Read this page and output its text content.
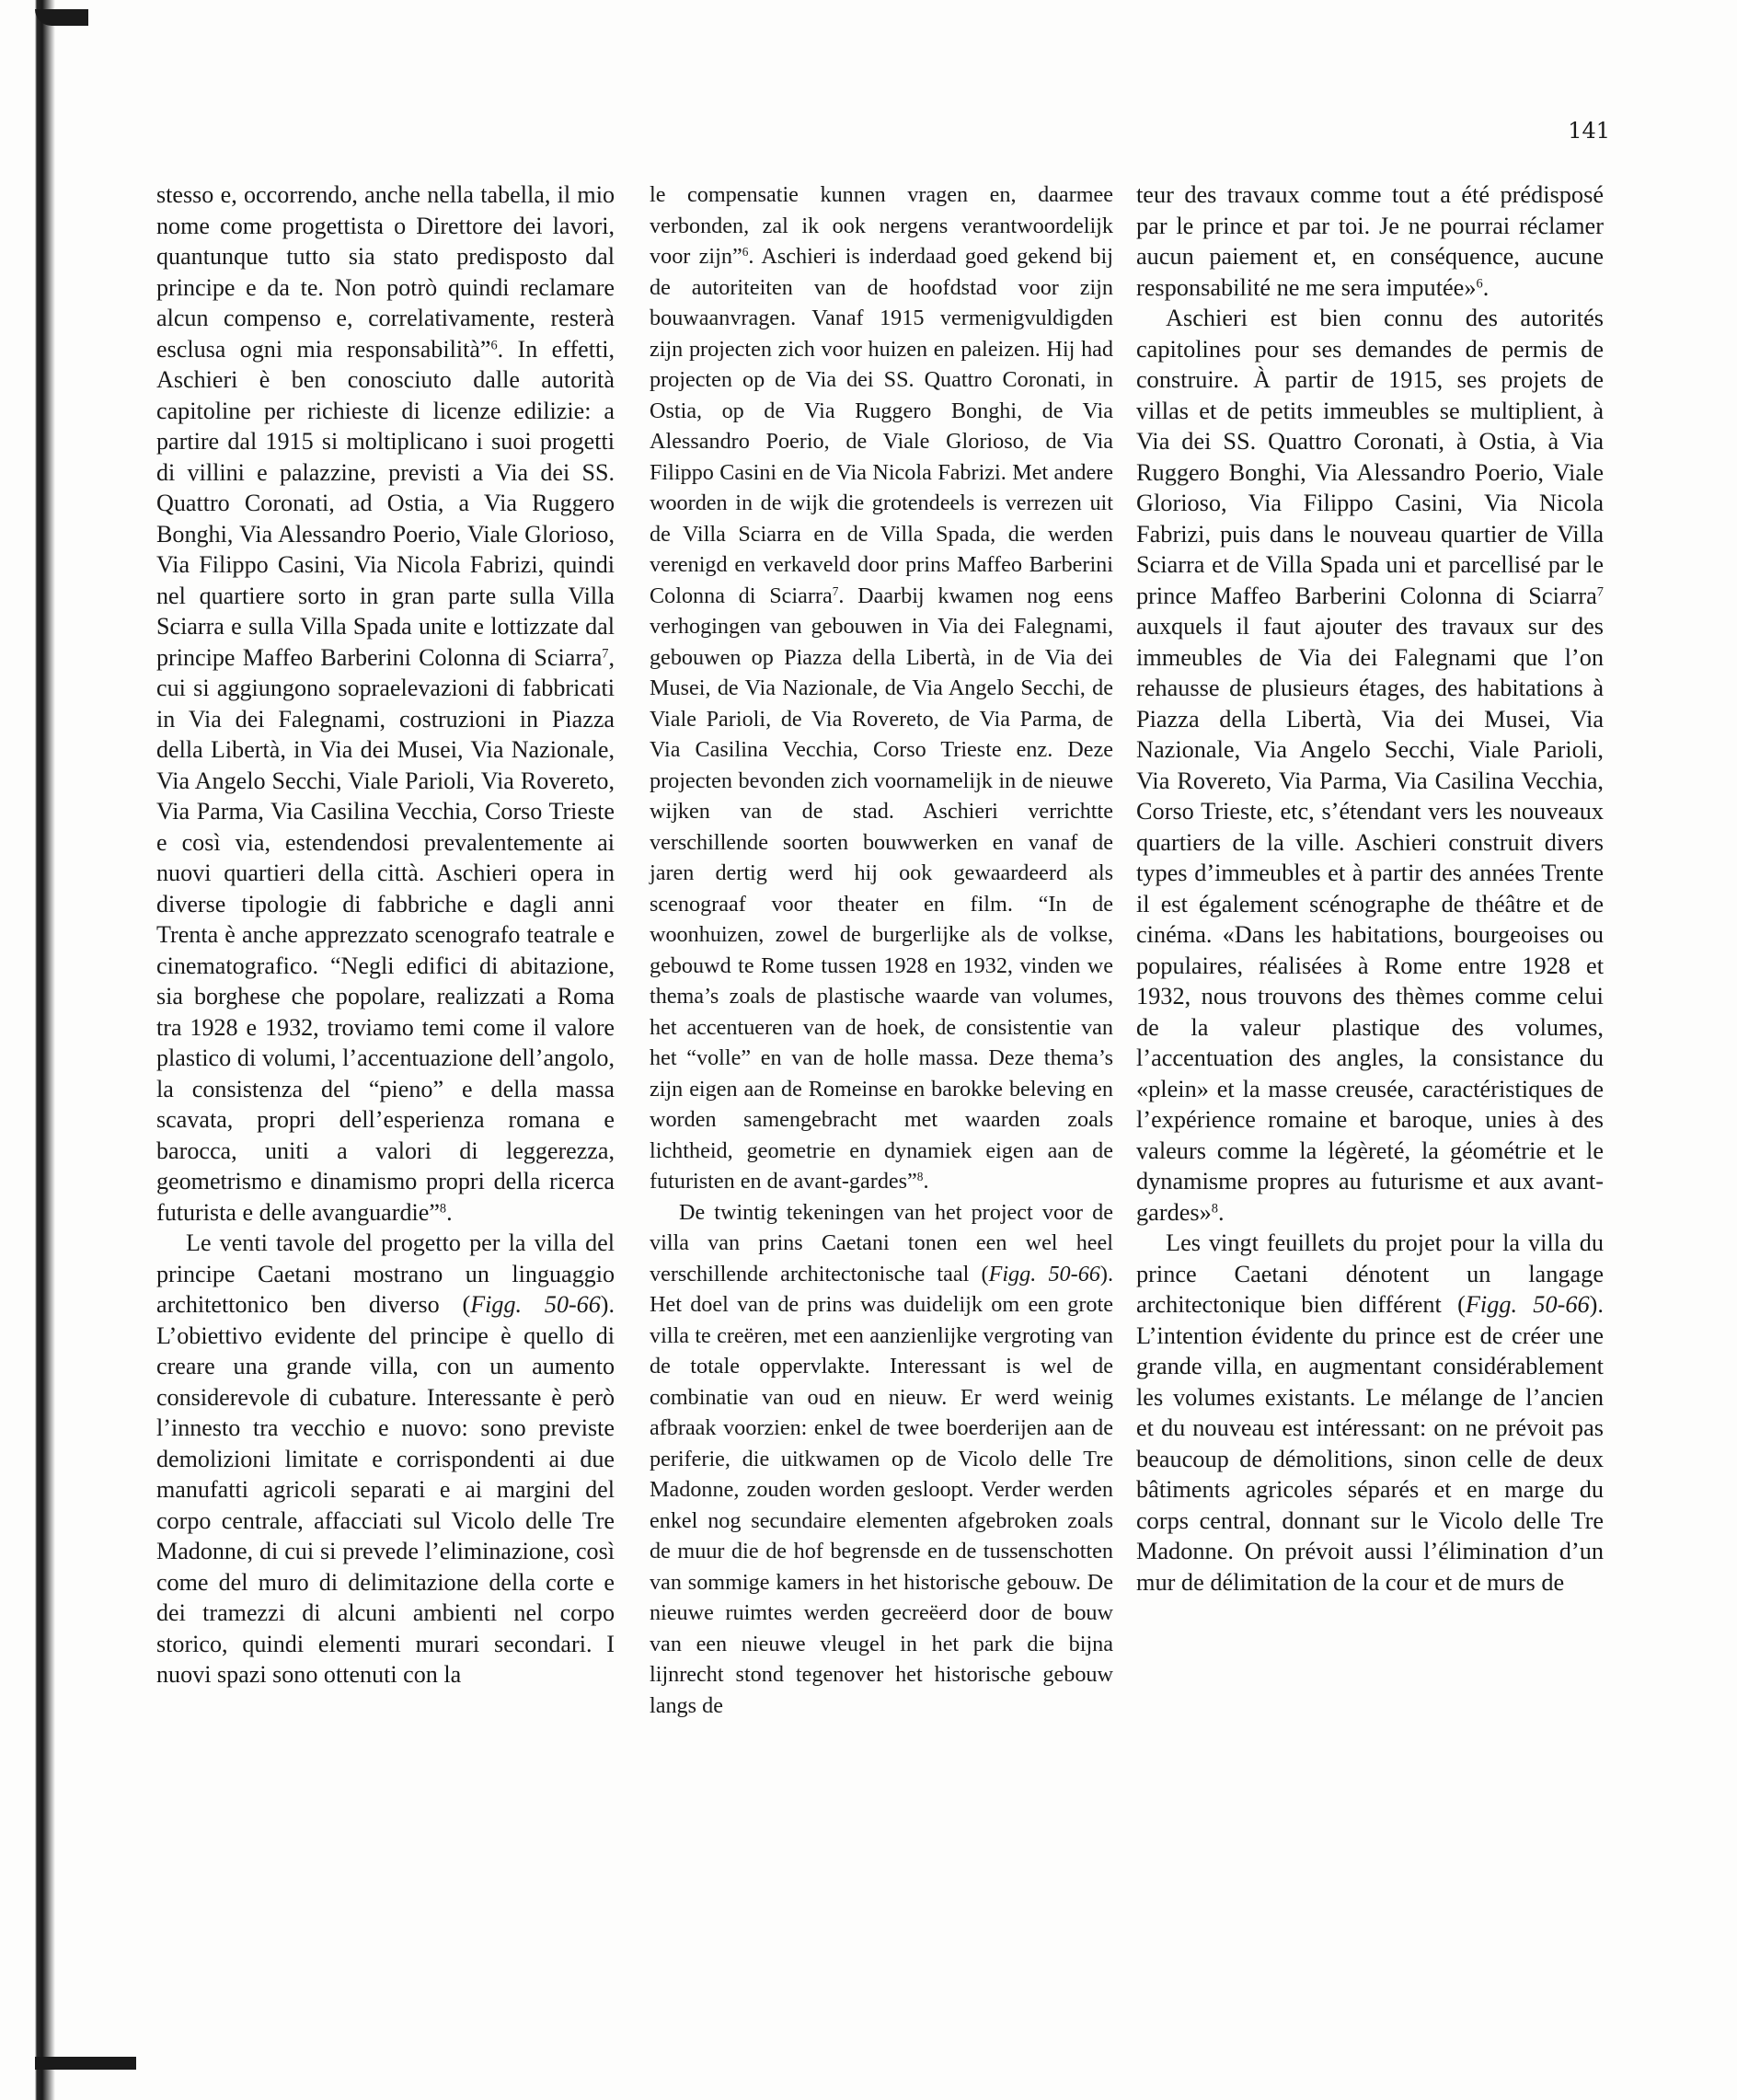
141

stesso e, occorrendo, anche nella tabella, il mio nome come progettista o Direttore dei lavori, quantunque tutto sia stato predisposto dal principe e da te. Non potrò quindi reclamare alcun compenso e, correlativamente, resterà esclusa ogni mia responsabilità”$^6$. In effetti, Aschieri è ben conosciuto dalle autorità capitoline per richieste di licenze edilizie: a partire dal 1915 si moltiplicano i suoi progetti di villini e palazzine, previsti a Via dei SS. Quattro Coronati, ad Ostia, a Via Ruggero Bonghi, Via Alessandro Poerio, Viale Glorioso, Via Filippo Casini, Via Nicola Fabrizi, quindi nel quartiere sorto in gran parte sulla Villa Sciarra e sulla Villa Spada unite e lottizzate dal principe Maffeo Barberini Colonna di Sciarra$^7$, cui si aggiungono sopraelevazioni di fabbricati in Via dei Falegnami, costruzioni in Piazza della Libertà, in Via dei Musei, Via Nazionale, Via Angelo Secchi, Viale Parioli, Via Rovereto, Via Parma, Via Casilina Vecchia, Corso Trieste e così via, estendendosi prevalentemente ai nuovi quartieri della città. Aschieri opera in diverse tipologie di fabbriche e dagli anni Trenta è anche apprezzato scenografo teatrale e cinematografico. “Negli edifici di abitazione, sia borghese che popolare, realizzati a Roma tra 1928 e 1932, troviamo temi come il valore plastico di volumi, l’accentuazione dell’angolo, la consistenza del “pieno” e della massa scavata, propri dell’esperienza romana e barocca, uniti a valori di leggerezza, geometrismo e dinamismo propri della ricerca futurista e delle avanguardie”$^8$.

Le venti tavole del progetto per la villa del principe Caetani mostrano un linguaggio architettonico ben diverso (Figg. 50-66). L’obiettivo evidente del principe è quello di creare una grande villa, con un aumento considerevole di cubature. Interessante è però l’innesto tra vecchio e nuovo: sono previste demolizioni limitate e corrispondenti ai due manufatti agricoli separati e ai margini del corpo centrale, affacciati sul Vicolo delle Tre Madonne, di cui si prevede l’eliminazione, così come del muro di delimitazione della corte e dei tramezzi di alcuni ambienti nel corpo storico, quindi elementi murari secondari. I nuovi spazi sono ottenuti con la

le compensatie kunnen vragen en, daarmee verbonden, zal ik ook nergens verantwoordelijk voor zijn”$^6$. Aschieri is inderdaad goed gekend bij de autoriteiten van de hoofdstad voor zijn bouwaanvragen. Vanaf 1915 vermenigvuldigden zijn projecten zich voor huizen en paleizen. Hij had projecten op de Via dei SS. Quattro Coronati, in Ostia, op de Via Ruggero Bonghi, de Via Alessandro Poerio, de Viale Glorioso, de Via Filippo Casini en de Via Nicola Fabrizi. Met andere woorden in de wijk die grotendeels is verrezen uit de Villa Sciarra en de Villa Spada, die werden verenigd en verkaveld door prins Maffeo Barberini Colonna di Sciarra$^7$. Daarbij kwamen nog eens verhogingen van gebouwen in Via dei Falegnami, gebouwen op Piazza della Libertà, in de Via dei Musei, de Via Nazionale, de Via Angelo Secchi, de Viale Parioli, de Via Rovereto, de Via Parma, de Via Casilina Vecchia, Corso Trieste enz. Deze projecten bevonden zich voornamelijk in de nieuwe wijken van de stad. Aschieri verrichtte verschillende soorten bouwwerken en vanaf de jaren dertig werd hij ook gewaardeerd als scenograaf voor theater en film. “In de woonhuizen, zowel de burgerlijke als de volkse, gebouwd te Rome tussen 1928 en 1932, vinden we thema’s zoals de plastische waarde van volumes, het accentueren van de hoek, de consistentie van het “volle” en van de holle massa. Deze thema’s zijn eigen aan de Romeinse en barokke beleving en worden samengebracht met waarden zoals lichtheid, geometrie en dynamiek eigen aan de futuristen en de avant-gardes”$^8$.

De twintig tekeningen van het project voor de villa van prins Caetani tonen een wel heel verschillende architectonische taal (Figg. 50-66). Het doel van de prins was duidelijk om een grote villa te creëren, met een aanzienlijke vergroting van de totale oppervlakte. Interessant is wel de combinatie van oud en nieuw. Er werd weinig afbraak voorzien: enkel de twee boerderijen aan de periferie, die uitkwamen op de Vicolo delle Tre Madonne, zouden worden gesloopt. Verder werden enkel nog secundaire elementen afgebroken zoals de muur die de hof begrensde en de tussenschotten van sommige kamers in het historische gebouw. De nieuwe ruimtes werden gecreëerd door de bouw van een nieuwe vleugel in het park die bijna lijnrecht stond tegenover het historische gebouw langs de

teur des travaux comme tout a été prédisposé par le prince et par toi. Je ne pourrai réclamer aucun paiement et, en conséquence, aucune responsabilité ne me sera imputée»$^6$.

Aschieri est bien connu des autorités capitolines pour ses demandes de permis de construire. À partir de 1915, ses projets de villas et de petits immeubles se multiplient, à Via dei SS. Quattro Coronati, à Ostia, à Via Ruggero Bonghi, Via Alessandro Poerio, Viale Glorioso, Via Filippo Casini, Via Nicola Fabrizi, puis dans le nouveau quartier de Villa Sciarra et de Villa Spada uni et parcellisé par le prince Maffeo Barberini Colonna di Sciarra$^7$ auxquels il faut ajouter des travaux sur des immeubles de Via dei Falegnami que l’on rehausse de plusieurs étages, des habitations à Piazza della Libertà, Via dei Musei, Via Nazionale, Via Angelo Secchi, Viale Parioli, Via Rovereto, Via Parma, Via Casilina Vecchia, Corso Trieste, etc, s’étendant vers les nouveaux quartiers de la ville. Aschieri construit divers types d’immeubles et à partir des années Trente il est également scénographe de théâtre et de cinéma. «Dans les habitations, bourgeoises ou populaires, réalisées à Rome entre 1928 et 1932, nous trouvons des thèmes comme celui de la valeur plastique des volumes, l’accentuation des angles, la consistance du «plein» et la masse creusée, caractéristiques de l’expérience romaine et baroque, unies à des valeurs comme la légèreté, la géométrie et le dynamisme propres au futurisme et aux avant-gardes»$^8$.

Les vingt feuillets du projet pour la villa du prince Caetani dénotent un langage architectonique bien différent (Figg. 50-66). L’intention évidente du prince est de créer une grande villa, en augmentant considérablement les volumes existants. Le mélange de l’ancien et du nouveau est intéressant: on ne prévoit pas beaucoup de démolitions, sinon celle de deux bâtiments agricoles séparés et en marge du corps central, donnant sur le Vicolo delle Tre Madonne. On prévoit aussi l’élimination d’un mur de délimitation de la cour et de murs de
